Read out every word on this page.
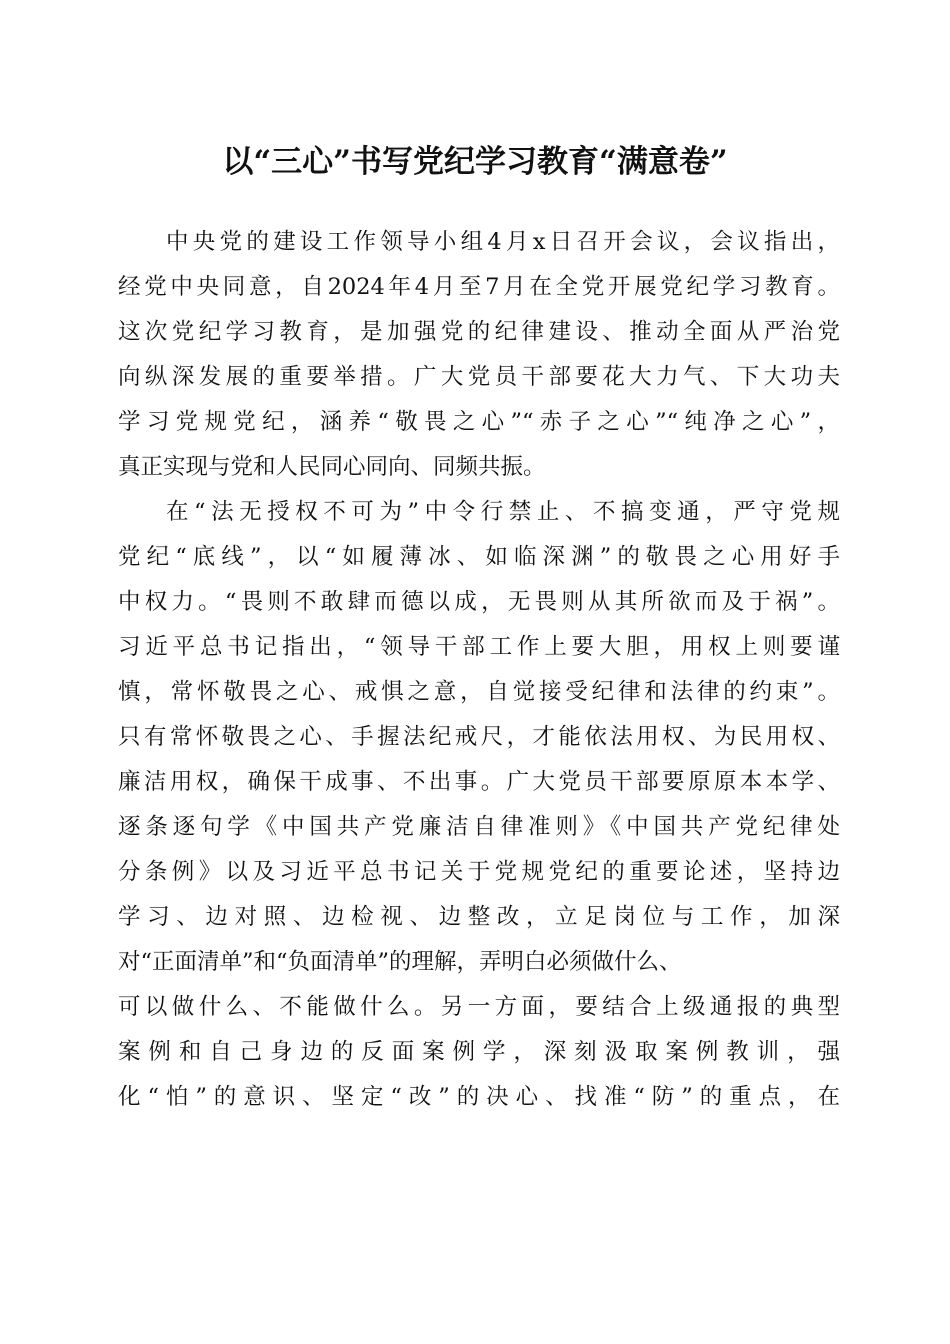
以“三心”书写党纪学习教育“满意卷”
中央党的建设工作领导小组4月x日召开会议，会议指出，
经党中央同意，自2024年4月至7月在全党开展党纪学习教育。
这次党纪学习教育，是加强党的纪律建设、推动全面从严治党
向纵深发展的重要举措。广大党员干部要花大力气、下大功夫
学习党规党纪，涵养“敬畏之心”“赤子之心”“纯净之心”，
真正实现与党和人民同心同向、同频共振。
在“法无授权不可为”中令行禁止、不搞变通，严守党规
党纪“底线”，以“如履薄冰、如临深渊”的敬畏之心用好手
中权力。“畏则不敢肆而德以成，无畏则从其所欲而及于祸”。
习近平总书记指出，“领导干部工作上要大胆，用权上则要谨
慎，常怀敬畏之心、戒惧之意，自觉接受纪律和法律的约束”。
只有常怀敬畏之心、手握法纪戒尺，才能依法用权、为民用权、
廉洁用权，确保干成事、不出事。广大党员干部要原原本本学、
逐条逐句学《中国共产党廉洁自律准则》《中国共产党纪律处
分条例》以及习近平总书记关于党规党纪的重要论述，坚持边
学习、边对照、边检视、边整改，立足岗位与工作，加深
对“正面清单”和“负面清单”的理解，弄明白必须做什么、
可以做什么、不能做什么。另一方面，要结合上级通报的典型
案例和自己身边的反面案例学，深刻汲取案例教训，强
化“怕”的意识、坚定“改”的决心、找准“防”的重点，在
